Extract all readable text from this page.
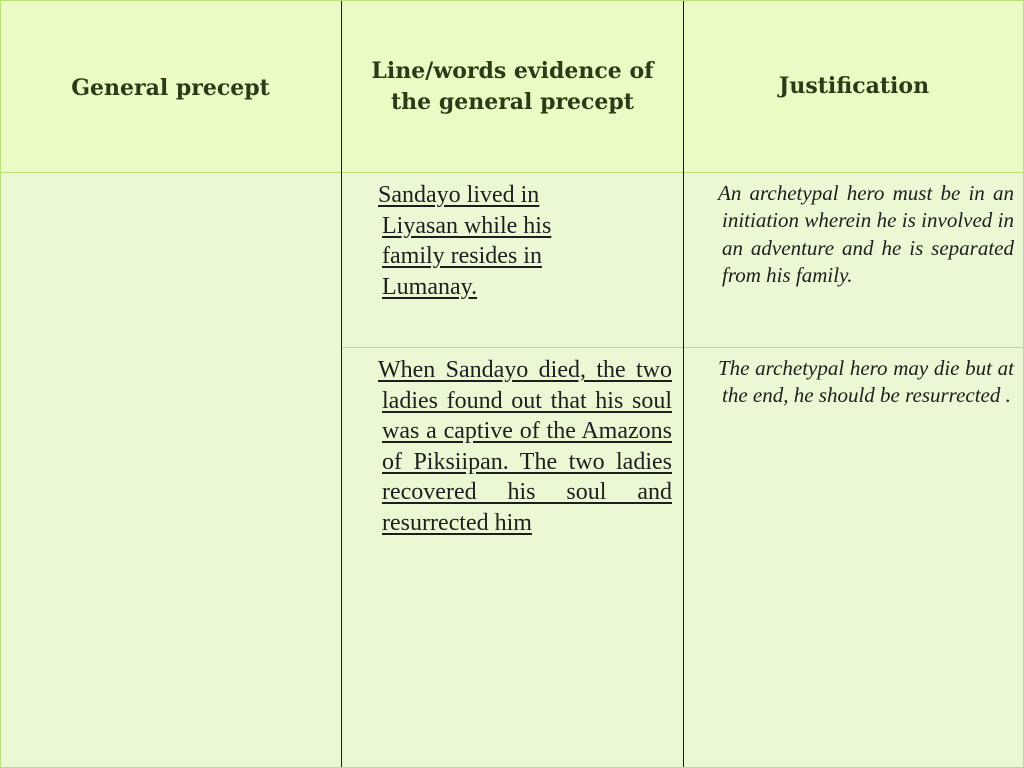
General precept
Line/words evidence of the general precept
Justification
Sandayo lived in Liyasan while his family resides in Lumanay.
An archetypal hero must be in an initiation wherein he is involved in an adventure and he is separated from his family.
When Sandayo died, the two ladies found out that his soul was a captive of the Amazons of Piksiipan. The two ladies recovered his soul and resurrected him
The archetypal hero may die but at the end, he should be resurrected .
